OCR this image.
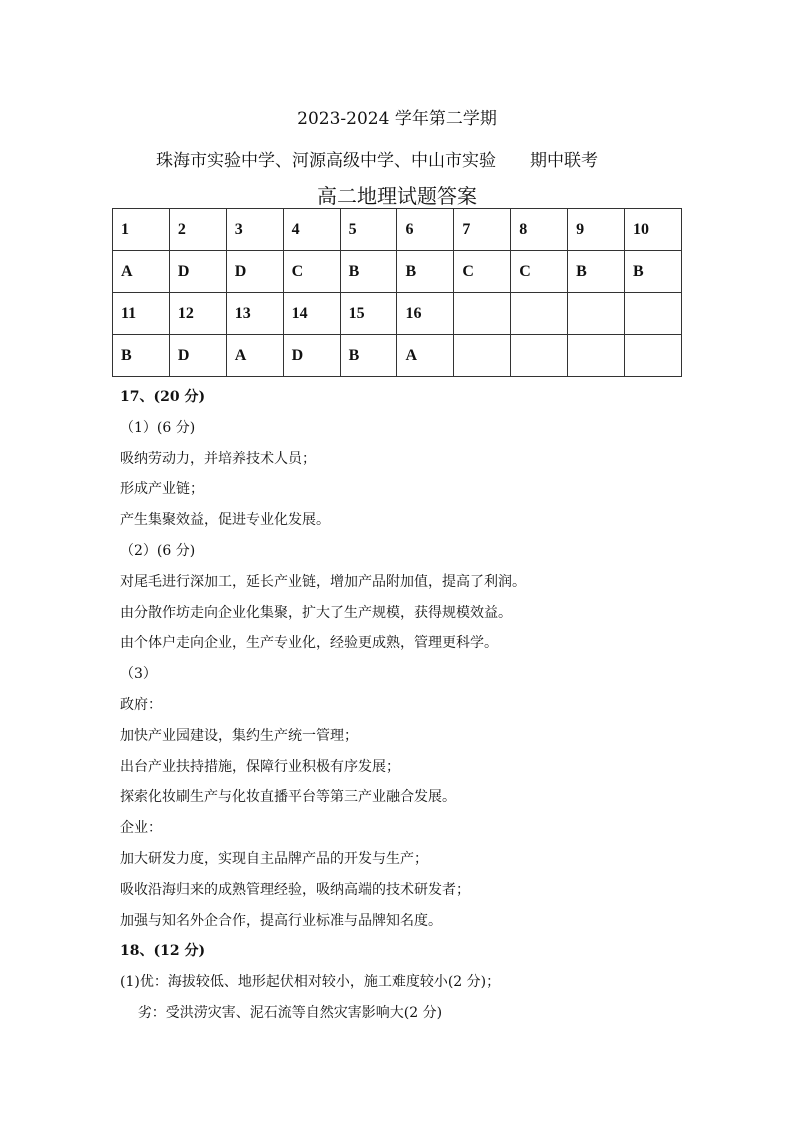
2023-2024 学年第二学期
珠海市实验中学、河源高级中学、中山市实验　　期中联考
高二地理试题答案
1	2	3	4	5	6	7	8	9	10
A	D	D	C	B	B	C	C	B	B
11	12	13	14	15	16				
B	D	A	D	B	A				
17、(20 分)
（1）(6 分)
吸纳劳动力，并培养技术人员；
形成产业链；
产生集聚效益，促进专业化发展。
（2）(6 分)
对尾毛进行深加工，延长产业链，增加产品附加值，提高了利润。
由分散作坊走向企业化集聚，扩大了生产规模，获得规模效益。
由个体户走向企业，生产专业化，经验更成熟，管理更科学。
（3）
政府：
加快产业园建设，集约生产统一管理；
出台产业扶持措施，保障行业积极有序发展；
探索化妆刷生产与化妆直播平台等第三产业融合发展。
企业：
加大研发力度，实现自主品牌产品的开发与生产；
吸收沿海归来的成熟管理经验，吸纳高端的技术研发者；
加强与知名外企合作，提高行业标准与品牌知名度。
18、(12 分)
(1)优：海拔较低、地形起伏相对较小，施工难度较小(2 分)；
劣：受洪涝灾害、泥石流等自然灾害影响大(2 分)
